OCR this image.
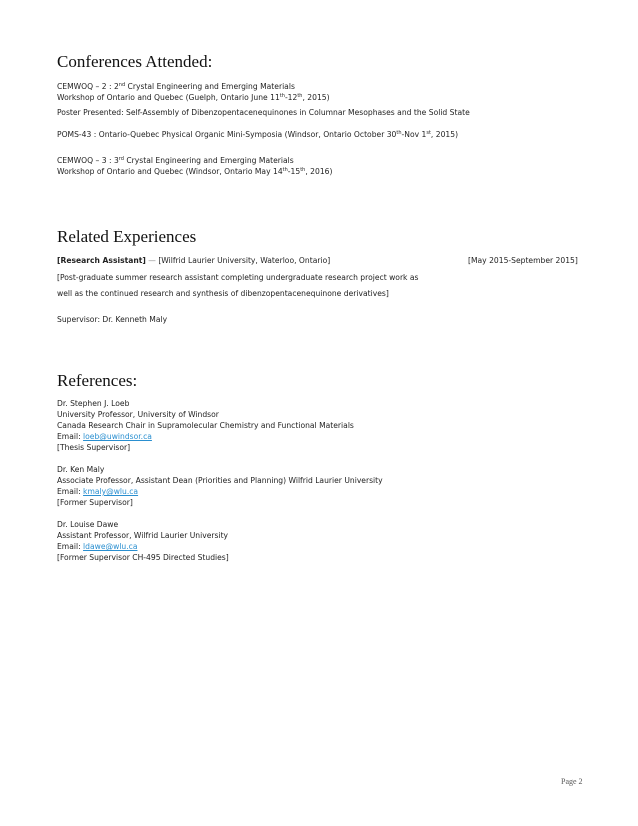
Conferences Attended:
CEMWOQ – 2 : 2nd Crystal Engineering and Emerging Materials
Workshop of Ontario and Quebec (Guelph, Ontario June 11th-12th, 2015)
Poster Presented: Self-Assembly of Dibenzopentacenequinones in Columnar Mesophases and the Solid State
POMS-43 : Ontario-Quebec Physical Organic Mini-Symposia (Windsor, Ontario October 30th-Nov 1st, 2015)
CEMWOQ – 3 : 3rd Crystal Engineering and Emerging Materials
Workshop of Ontario and Quebec (Windsor, Ontario May 14th-15th, 2016)
Related Experiences
[Research Assistant] — [Wilfrid Laurier University, Waterloo, Ontario]	[May 2015-September 2015]
[Post-graduate summer research assistant completing undergraduate research project work as
well as the continued research and synthesis of dibenzopentacenequinone derivatives]
Supervisor: Dr. Kenneth Maly
References:
Dr. Stephen J. Loeb
University Professor, University of Windsor
Canada Research Chair in Supramolecular Chemistry and Functional Materials
Email: loeb@uwindsor.ca
[Thesis Supervisor]
Dr. Ken Maly
Associate Professor, Assistant Dean (Priorities and Planning) Wilfrid Laurier University
Email: kmaly@wlu.ca
[Former Supervisor]
Dr. Louise Dawe
Assistant Professor, Wilfrid Laurier University
Email: ldawe@wlu.ca
[Former Supervisor CH-495 Directed Studies]
Page 2
